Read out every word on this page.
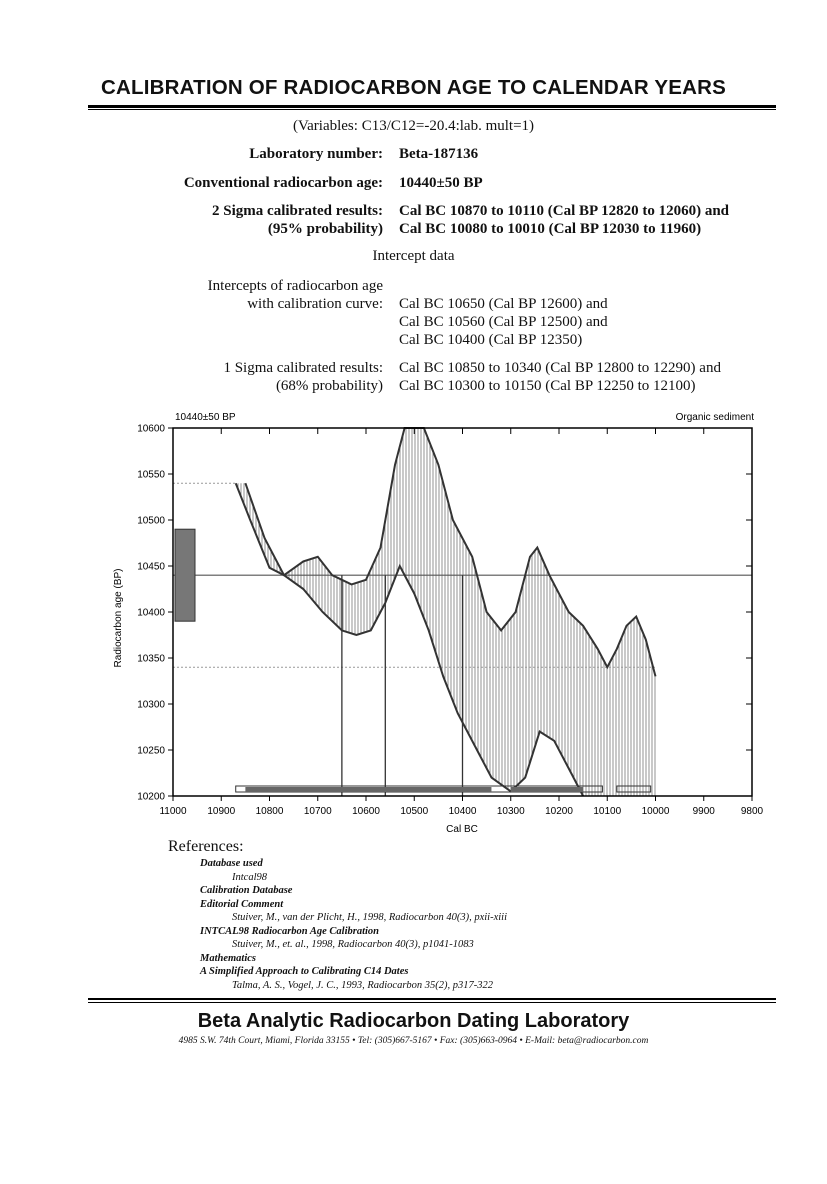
CALIBRATION OF RADIOCARBON AGE TO CALENDAR YEARS
(Variables: C13/C12=-20.4:lab. mult=1)
Laboratory number: Beta-187136
Conventional radiocarbon age: 10440±50 BP
2 Sigma calibrated results:
(95% probability)
Cal BC 10870 to 10110 (Cal BP 12820 to 12060) and
Cal BC 10080 to 10010 (Cal BP 12030 to 11960)
Intercept data
Intercepts of radiocarbon age
with calibration curve: Cal BC 10650 (Cal BP 12600) and
Cal BC 10560 (Cal BP 12500) and
Cal BC 10400 (Cal BP 12350)
1 Sigma calibrated results:
(68% probability)
Cal BC 10850 to 10340 (Cal BP 12800 to 12290) and
Cal BC 10300 to 10150 (Cal BP 12250 to 12100)
11000 10900 10800 10700 10600 10500 10400 10300 10200 10100 10000 9900	9800
10200
10250
10300
10350
10400
10450
10500
10550
10600
10440±50 BP	Organic sediment
Cal BC
Radiocarbon age (BP)
References:
Database used
Intcal98
Calibration Database
Editorial Comment
Stuiver, M., van der Plicht, H., 1998, Radiocarbon 40(3), pxii-xiii
INTCAL98 Radiocarbon Age Calibration
Stuiver, M., et. al., 1998, Radiocarbon 40(3), p1041-1083
Mathematics
A Simplified Approach to Calibrating C14 Dates
Talma, A. S., Vogel, J. C., 1993, Radiocarbon 35(2), p317-322
Beta Analytic Radiocarbon Dating Laboratory
4985 S.W. 74th Court, Miami, Florida 33155 • Tel: (305)667-5167 • Fax: (305)663-0964 • E-Mail: beta@radiocarbon.com
